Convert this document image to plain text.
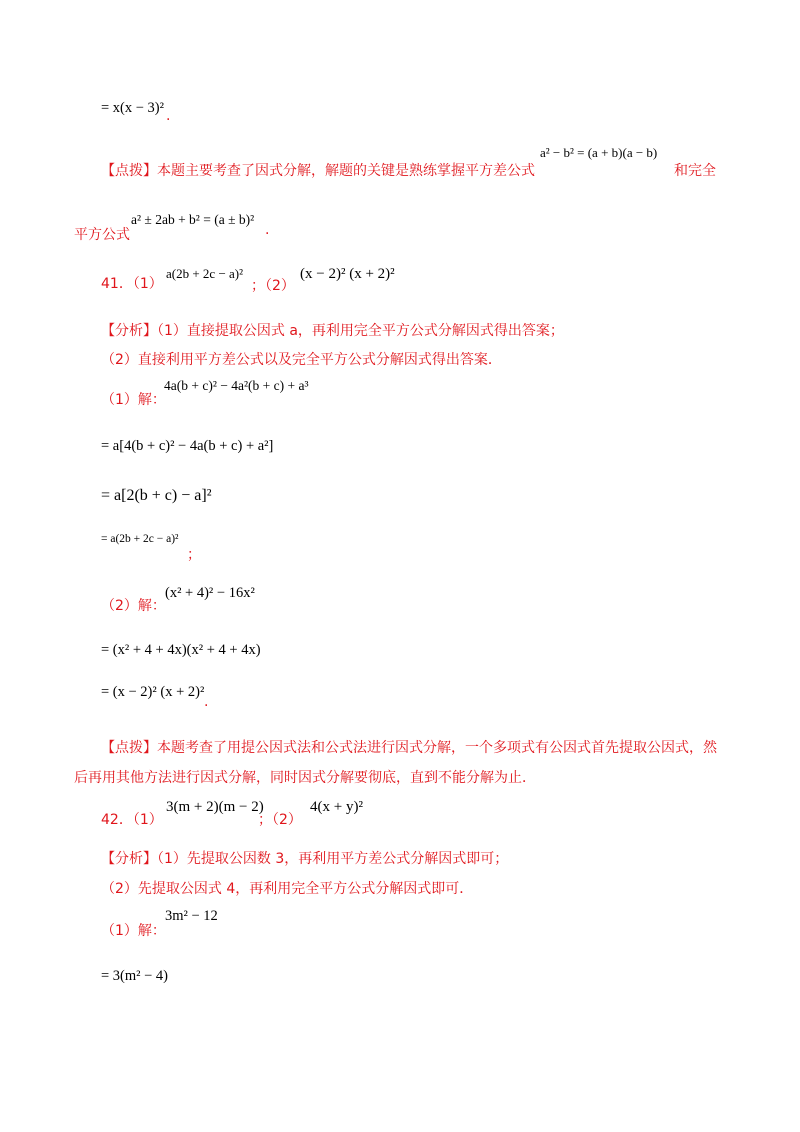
= x(x − 3)² .
【点拨】本题主要考查了因式分解，解题的关键是熟练掌握平方差公式
a² − b² = (a + b)(a − b)
和完全
平方公式
a² ± 2ab + b² = (a ± b)²
.
41．（1）
a(2b + 2c − a)²
；（2）
(x − 2)² (x + 2)²
【分析】（1）直接提取公因式 a，再利用完全平方公式分解因式得出答案；
（2）直接利用平方差公式以及完全平方公式分解因式得出答案．
（1）解：
4a(b + c)² − 4a²(b + c) + a³
= a[4(b + c)² − 4a(b + c) + a²]
= a[2(b + c) − a]²
= a(2b + 2c − a)²
；
（2）解：
(x² + 4)² − 16x²
= (x² + 4 + 4x)(x² + 4 + 4x)
= (x − 2)² (x + 2)²
.
【点拨】本题考查了用提公因式法和公式法进行因式分解，一个多项式有公因式首先提取公因式，然
后再用其他方法进行因式分解，同时因式分解要彻底，直到不能分解为止．
42．（1）
3(m + 2)(m − 2)
；（2）
4(x + y)²
【分析】（1）先提取公因数 3，再利用平方差公式分解因式即可；
（2）先提取公因式 4，再利用完全平方公式分解因式即可．
（1）解：
3m² − 12
= 3(m² − 4)
